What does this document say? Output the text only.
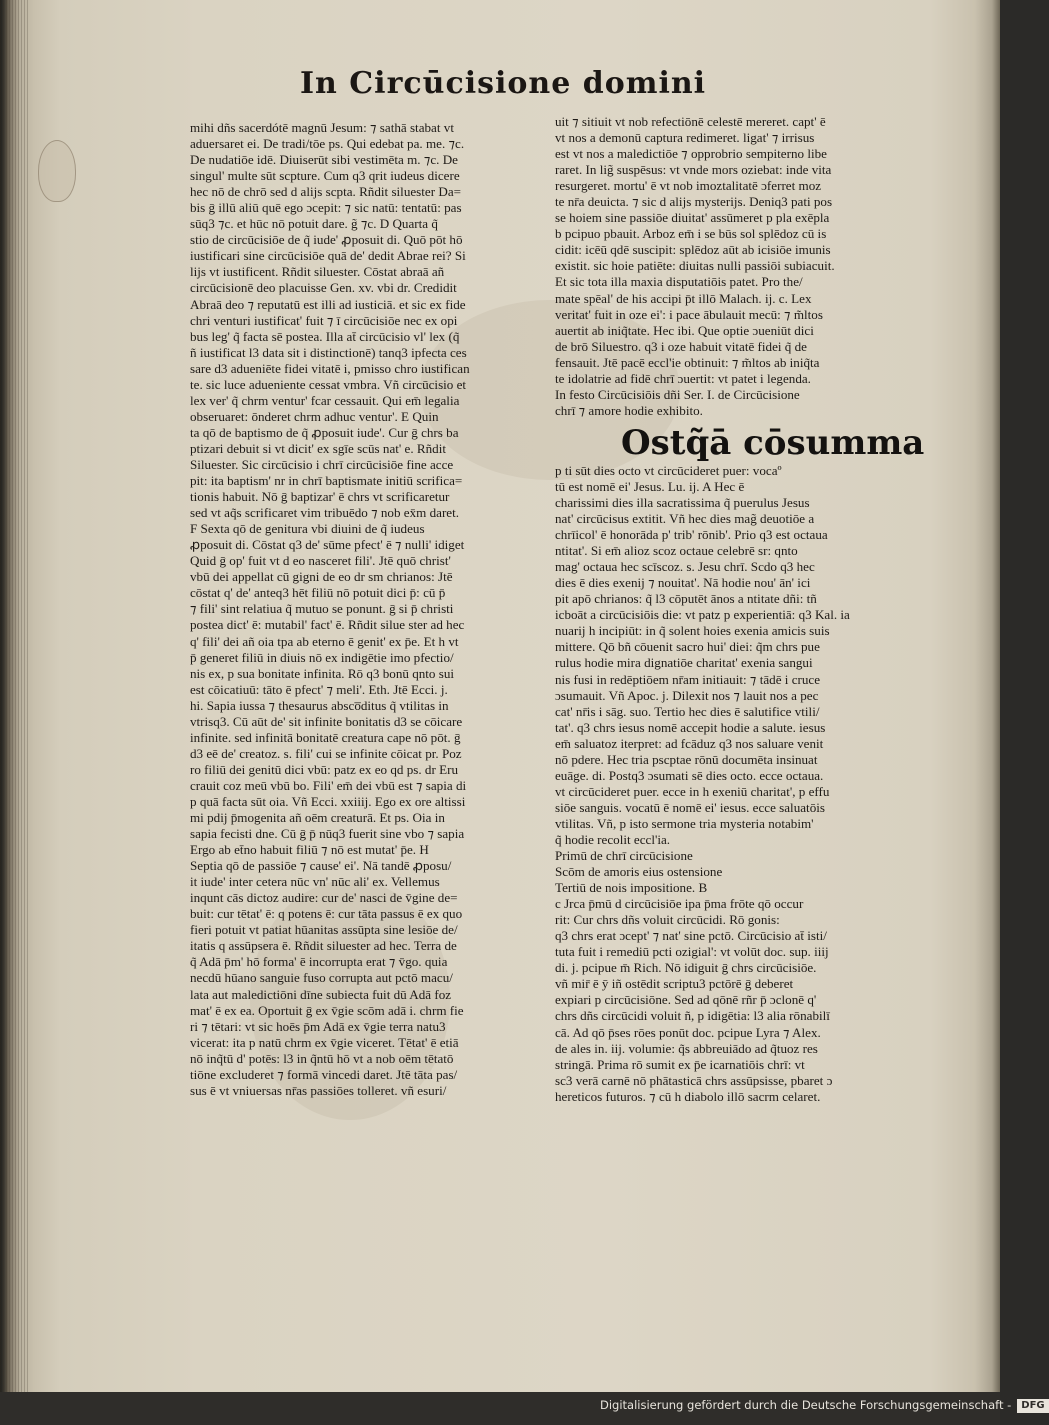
In Circūcisione domini

mihi dñs sacerdótē magnū Jesum: ⁊ sathā stabat vt

aduersaret ei. De tradi/tōe ps. Qui edebat pa. me. ⁊c.

De nudatiōe idē. Diuiserūt sibi vestimēta m. ⁊c. De

singul' multe sūt scpture. Cum q3 qrit iudeus dicere

hec nō de chrō sed d alijs scpta. Rñdit siluester Da=

bis ḡ illū aliū quē ego ɔcepit: ⁊ sic natū: tentatū: pas

sūq3 ⁊c. et hūc nō potuit dare. g̃ ⁊c. D Quarta q̃

stio de circūcisiōe de q̃ iude' ꝓposuit di. Quō pōt hō

iustificari sine circūcisiōe quā de' dedit Abrae rei? Si

lijs vt iustificent. Rñdit siluester. Cōstat abraā añ

circūcisionē deo placuisse Gen. xv. vbi dr. Credidit

Abraā deo ⁊ reputatū est illi ad iusticiā. et sic ex fide

chri venturi iustificat' fuit ⁊ ī circūcisiōe nec ex opi

bus leg' q̃ facta sē postea. Illa at̄ circūcisio vl' lex (q̃

ñ iustificat l3 data sit i distinctionē) tanq3 ipfecta ces

sare d3 adueniēte fidei vitatē i, pmisso chro iustifican

te. sic luce adueniente cessat vmbra. Vñ circūcisio et

lex ver' q̃ chrm ventur' fcar cessauit. Qui em̄ legalia

obseruaret: ōnderet chrm adhuc ventur'. E Quin

ta qō de baptismo de q̃ ꝓposuit iude'. Cur ḡ chrs ba

ptizari debuit si vt dicit' ex sgīe scūs nat' e. Rñdit

Siluester. Sic circūcisio i chrī circūcisiōe fine acce

pit: ita baptism' nr in chrī baptismate initiū scrifica=

tionis habuit. Nō ḡ baptizar' ē chrs vt scrificaretur

sed vt aq̃s scrificaret vim tribuēdo ⁊ nob ex̄m daret.

F Sexta qō de genitura vbi diuini de q̃ iudeus

ꝓposuit di. Cōstat q3 de' sūme pfect' ē ⁊ nulli' idiget

Quid ḡ op' fuit vt d eo nasceret fili'. Jtē quō christ'

vbū dei appellat cū gigni de eo dr sm chrianos: Jtē

cōstat q' de' anteq3 hēt filiū nō potuit dici p̄: cū p̄

⁊ fili' sint relatiua q̃ mutuo se ponunt. ḡ si p̄ christi

postea dict' ē: mutabil' fact' ē. Rñdit silue ster ad hec

q' fili' dei añ oia tpa ab eterno ē genit' ex p̄e. Et h vt

p̄ generet filiū in diuis nō ex indigētie imo pfectio/

nis ex, p sua bonitate infinita. Rō q3 bonū qnto sui

est cōicatiuū: tāto ē pfect' ⁊ meli'. Eth. Jtē Ecci. j.

hi. Sapia iussa ⁊ thesaurus absco̅ditus q̃ vtilitas in

vtrisq3. Cū aūt de' sit infinite bonitatis d3 se cōicare

infinite. sed infinitā bonitatē creatura cape nō pōt. ḡ

d3 eē de' creatoz. s. fili' cui se infinite cōicat pr. Poz

ro filiū dei genitū dici vbū: patz ex eo qd ps. dr Eru

crauit coz meū vbū bo. Fili' em̄ dei vbū est ⁊ sapia di

p quā facta sūt oia. Vñ Ecci. xxiiij. Ego ex ore altissi

mi pdij p̄mogenita añ oēm creaturā. Et ps. Oia in

sapia fecisti dne. Cū ḡ p̄ nūq3 fuerit sine vbo ⁊ sapia

Ergo ab et̄no habuit filiū ⁊ nō est mutat' p̄e. H

Septia qō de passiōe ⁊ cause' ei'. Nā tandē ꝓposu/

it iude' inter cetera nūc vn' nūc ali' ex. Vellemus

inqunt cās dictoz audire: cur de' nasci de v̄gine de=

buit: cur tētat' ē: q potens ē: cur tāta passus ē ex quo

fieri potuit vt patiat hūanitas assūpta sine lesiōe de/

itatis q assūpsera ē. Rñdit siluester ad hec. Terra de

q̃ Adā p̄m' hō forma' ē incorrupta erat ⁊ v̄go. quia

necdū hūano sanguie fuso corrupta aut pctō macu/

lata aut maledictiōni dīne subiecta fuit dū Adā foz

mat' ē ex ea. Oportuit ḡ ex v̄gie scōm adā i. chrm fie

ri ⁊ tētari: vt sic hoēs p̄m Adā ex v̄gie terra natu3

vicerat: ita p natū chrm ex v̄gie viceret. Tētat' ē etiā

nō inq̃tū d' potēs: l3 in q̃ntū hō vt a nob oēm tētatō

tiōne excluderet ⁊ formā vincedi daret. Jtē tāta pas/

sus ē vt vniuersas nr̄as passiōes tolleret. vñ esuri/

uit ⁊ sitiuit vt nob refectiōnē celestē mereret. capt' ē

vt nos a demonū captura redimeret. ligat' ⁊ irrisus

est vt nos a maledictiōe ⁊ opprobrio sempiterno libe

raret. In lig̃ suspēsus: vt vnde mors oziebat: inde vita

resurgeret. mortu' ē vt nob imoztalitatē ɔferret moz

te nr̄a deuicta. ⁊ sic d alijs mysterijs. Deniq3 pati pos

se hoiem sine passiōe diuitat' assūmeret p pla exēpla

b pcipuo pbauit. Arboz em̄ i se būs sol splēdoz cū is

cidit: icēū qdē suscipit: splēdoz aūt ab icisiōe imunis

existit. sic hoie patiēte: diuitas nulli passiōi subiacuit.

Et sic tota illa maxia disputatiōis patet. Pro the/

mate spēal' de his accipi p̄t illō Malach. ij. c. Lex

veritat' fuit in oze ei': i pace ābulauit mecū: ⁊ m̃ltos

auertit ab iniq̃tate. Hec ibi. Que optie ɔueniūt dici

de brō Siluestro. q3 i oze habuit vitatē fidei q̃ de

fensauit. Jtē pacē eccl'ie obtinuit: ⁊ m̃ltos ab iniq̃ta

te idolatrie ad fidē chrī ɔuertit: vt patet i legenda.

In festo Circūcisiōis dñi Ser. I. de Circūcisione

chrī ⁊ amore hodie exhibito.

Ostq̃ā cōsumma

p ti sūt dies octo vt circūcideret puer: vocaº

tū est nomē ei' Jesus. Lu. ij. A Hec ē

charissimi dies illa sacratissima q̃ puerulus Jesus

nat' circūcisus extitit. Vñ hec dies mag̃ deuotiōe a

chrīicol' ē honorāda p' trib' rōnib'. Prio q3 est octaua

ntitat'. Si em̄ alioz scoz octaue celebrē sr: qnto

mag' octaua hec scīscoz. s. Jesu chrī. Scdo q3 hec

dies ē dies exenij ⁊ nouitat'. Nā hodie nou' ān' ici

pit apō chrianos: q̃ l3 cōputēt ānos a ntitate dñi: tñ

icboāt a circūcisiōis die: vt patz p experientiā: q3 Kal. ia

nuarij h incipiūt: in q̃ solent hoies exenia amicis suis

mittere. Qō bñ cōuenit sacro hui' diei: q̃m chrs pue

rulus hodie mira dignatiōe charitat' exenia sangui

nis fusi in redēptiōem nr̄am initiauit: ⁊ tādē i cruce

ɔsumauit. Vñ Apoc. j. Dilexit nos ⁊ lauit nos a pec

cat' nr̄is i sāg. suo. Tertio hec dies ē salutifice vtili/

tat'. q3 chrs iesus nomē accepit hodie a salute. iesus

em̄ saluatoz iterpret: ad fcāduz q3 nos saluare venit

nō pdere. Hec tria pscptae rōnū documēta insinuat

euāge. di. Postq3 ɔsumati sē dies octo. ecce octaua.

vt circūcideret puer. ecce in h exeniū charitat', p effu

siōe sanguis. vocatū ē nomē ei' iesus. ecce saluatōis

vtilitas. Vñ, p isto sermone tria mysteria notabim'

q̃ hodie recolit eccl'ia.

Primū de chrī circūcisione

Scōm de amoris eius ostensione

Tertiū de nois impositione. B

c Jrca p̄mū d circūcisiōe ipa p̄ma frōte qō occur

rit: Cur chrs dñs voluit circūcidi. Rō gonis:

q3 chrs erat ɔcept' ⁊ nat' sine pctō. Circūcisio at̄ isti/

tuta fuit i remediū pcti ozigial': vt volūt doc. sup. iiij

di. j. pcipue m̄ Rich. Nō idiguit ḡ chrs circūcisiōe.

vñ mir̄ ē ȳ iñ ostēdit scriptu3 pctōrē ḡ deberet

expiari p circūcisiōne. Sed ad qōnē rñr p̄ ɔclonē q'

chrs dñs circūcidi voluit ñ, p idigētia: l3 alia rōnabilī

cā. Ad qō p̄ses rōes ponūt doc. pcipue Lyra ⁊ Alex.

de ales in. iij. volumie: q̃s abbreuiādo ad q̃tuoz res

stringā. Prima rō sumit ex p̄e icarnatiōis chrī: vt

sc3 verā carnē nō phātasticā chrs assūpsisse, pbaret ɔ

hereticos futuros. ⁊ cū h diabolo illō sacrm celaret.

Digitalisierung gefördert durch die Deutsche Forschungsgemeinschaft - DFG
